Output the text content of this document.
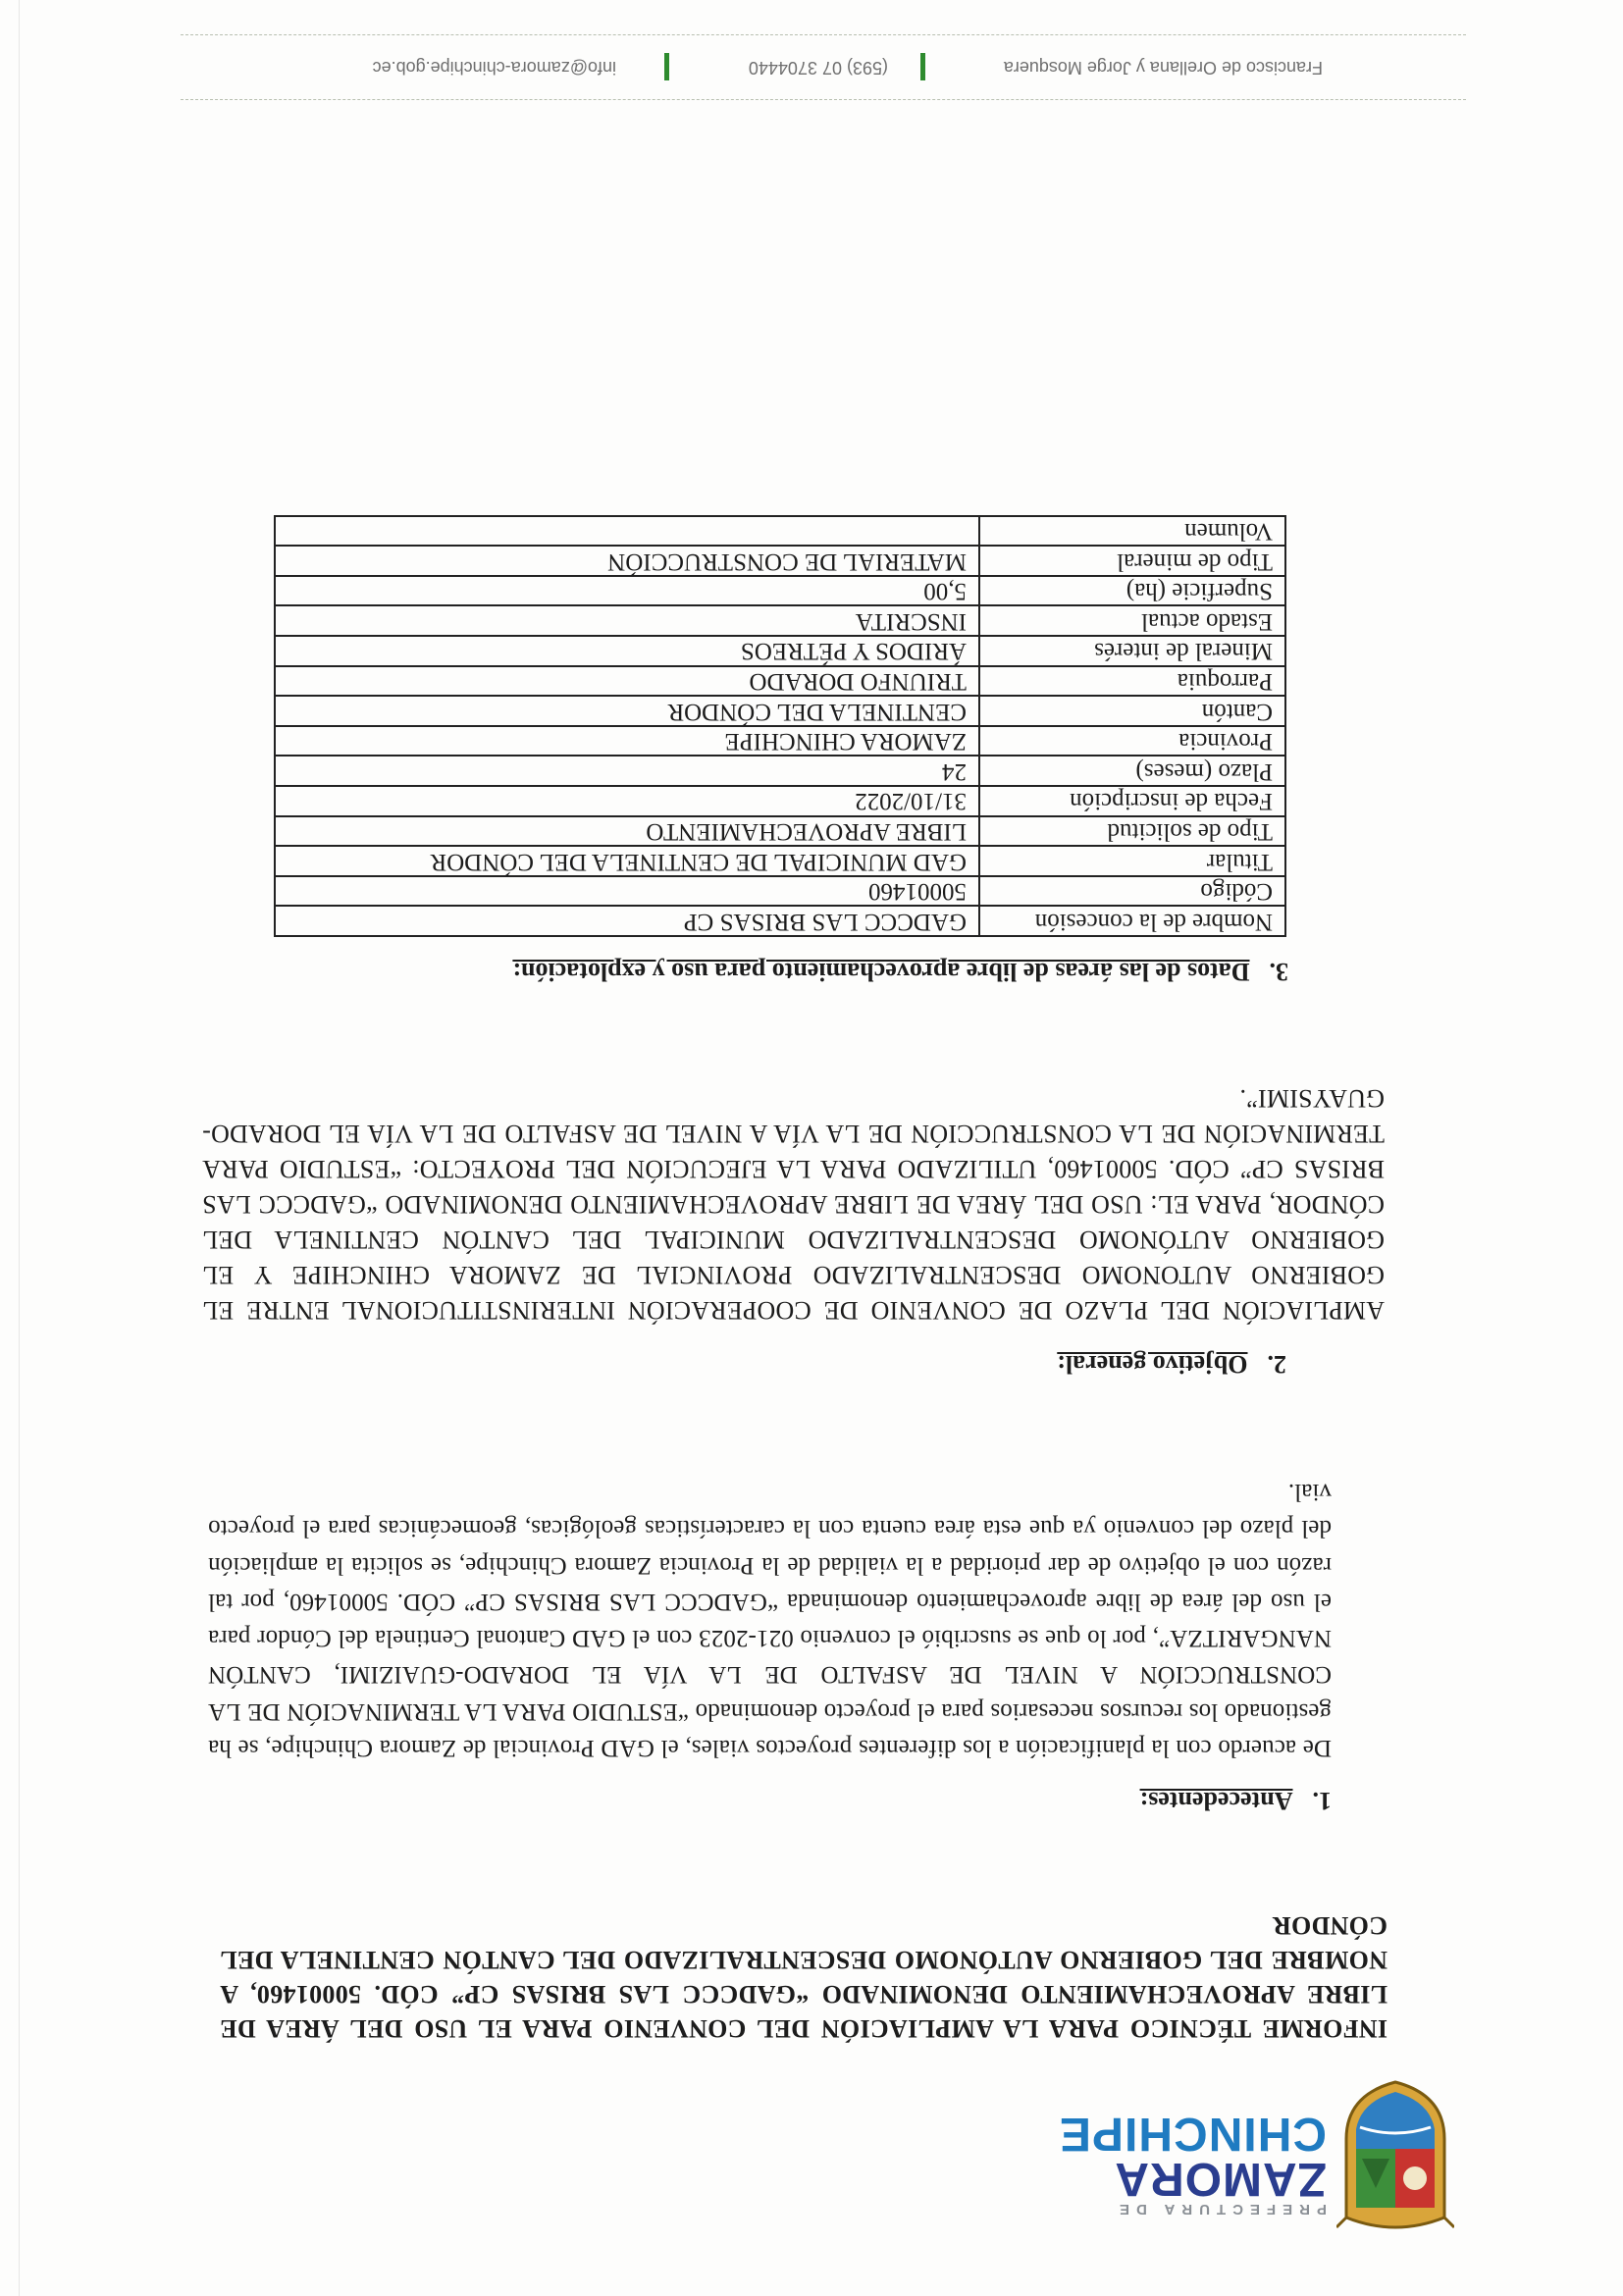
PREFECTURA DE
ZAMORA
CHINCHIPE

INFORME TÉCNICO PARA LA AMPLIACIÓN DEL CONVENIO PARA EL USO DEL ÁREA DE LIBRE APROVECHAMIENTO DENOMINADO “GADCCC LAS BRISAS CP” CÓD. 50001460, A NOMBRE DEL GOBIERNO AUTÓNOMO DESCENTRALIZADO DEL CANTÓN CENTINELA DEL CÓNDOR

1.Antecedentes:

De acuerdo con la planificación a los diferentes proyectos viales, el GAD Provincial de Zamora Chinchipe, se ha gestionado los recursos necesarios para el proyecto denominado “ESTUDIO PARA LA TERMINACIÓN DE LA CONSTRUCCIÓN A NIVEL DE ASFALTO DE LA VÍA EL DORADO-GUAIZIMI, CANTÓN NANGARITZA”, por lo que se suscribió el convenio 021-2023 con el GAD Cantonal Centinela del Cóndor para el uso del área de libre aprovechamiento denominada “GADCCC LAS BRISAS CP” CÓD. 50001460, por tal razón con el objetivo de dar prioridad a la vialidad de la Provincia Zamora Chinchipe, se solicita la ampliación del plazo del convenio ya que esta área cuenta con la características geológicas, geomecánicas para el proyecto vial.

2.Objetivo general:

AMPLIACIÓN DEL PLAZO DE CONVENIO DE COOPERACIÓN INTERINSTITUCIONAL ENTRE EL GOBIERNO AUTONOMO DESCENTRALIZADO PROVINCIAL DE ZAMORA CHINCHIPE Y EL GOBIERNO AUTÓNOMO DESCENTRALIZADO MUNICIPAL DEL CANTÓN CENTINELA DEL CÓNDOR, PARA EL: USO DEL ÁREA DE LIBRE APROVECHAMIENTO DENOMINADO “GADCCC LAS BRISAS CP” CÓD. 50001460, UTILIZADO PARA LA EJECUCIÓN DEL PROYECTO: “ESTUDIO PARA TERMINACIÓN DE LA CONSTRUCCIÓN DE LA VÍA A NIVEL DE ASFALTO DE LA VÍA EL DORADO-GUAYSIMI”.

3.Datos de las áreas de libre aprovechamiento para uso y explotación:
Nombre de la concesión	GADCCC LAS BRISAS CP
Código	50001460
Titular	GAD MUNICIPAL DE CENTINELA DEL CÓNDOR
Tipo de solicitud	LIBRE APROVECHAMIENTO
Fecha de inscripción	31/10/2022
Plazo (meses)	24
Provincia	ZAMORA CHINCHIPE
Cantón	CENTINELA DEL CÓNDOR
Parroquia	TRIUNFO DORADO
Mineral de interés	ÁRIDOS Y PÉTREOS
Estado actual	INSCRITA
Superficie (ha)	5,00
Tipo de mineral	MATERIAL DE CONSTRUCCIÓN
Volumen	
Francisco de Orellana y Jorge Mosquera
(593) 07 3704440
info@zamora-chinchipe.gob.ec
